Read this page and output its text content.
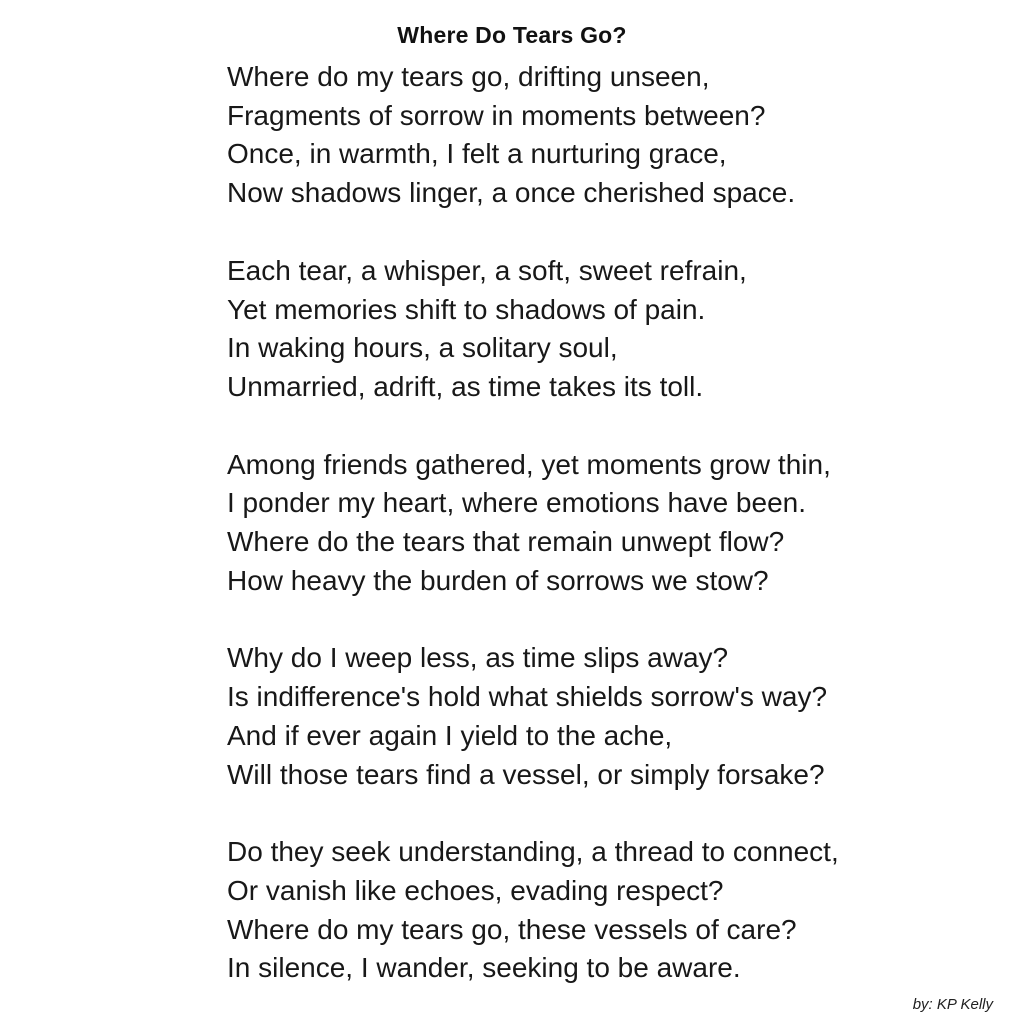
Where Do Tears Go?
Where do my tears go, drifting unseen,
Fragments of sorrow in moments between?
Once, in warmth, I felt a nurturing grace,
Now shadows linger, a once cherished space.
Each tear, a whisper, a soft, sweet refrain,
Yet memories shift to shadows of pain.
In waking hours, a solitary soul,
Unmarried, adrift, as time takes its toll.
Among friends gathered, yet moments grow thin,
I ponder my heart, where emotions have been.
Where do the tears that remain unwept flow?
How heavy the burden of sorrows we stow?
Why do I weep less, as time slips away?
Is indifference's hold what shields sorrow's way?
And if ever again I yield to the ache,
Will those tears find a vessel, or simply forsake?
Do they seek understanding, a thread to connect,
Or vanish like echoes, evading respect?
Where do my tears go, these vessels of care?
In silence, I wander, seeking to be aware.
by: KP Kelly
